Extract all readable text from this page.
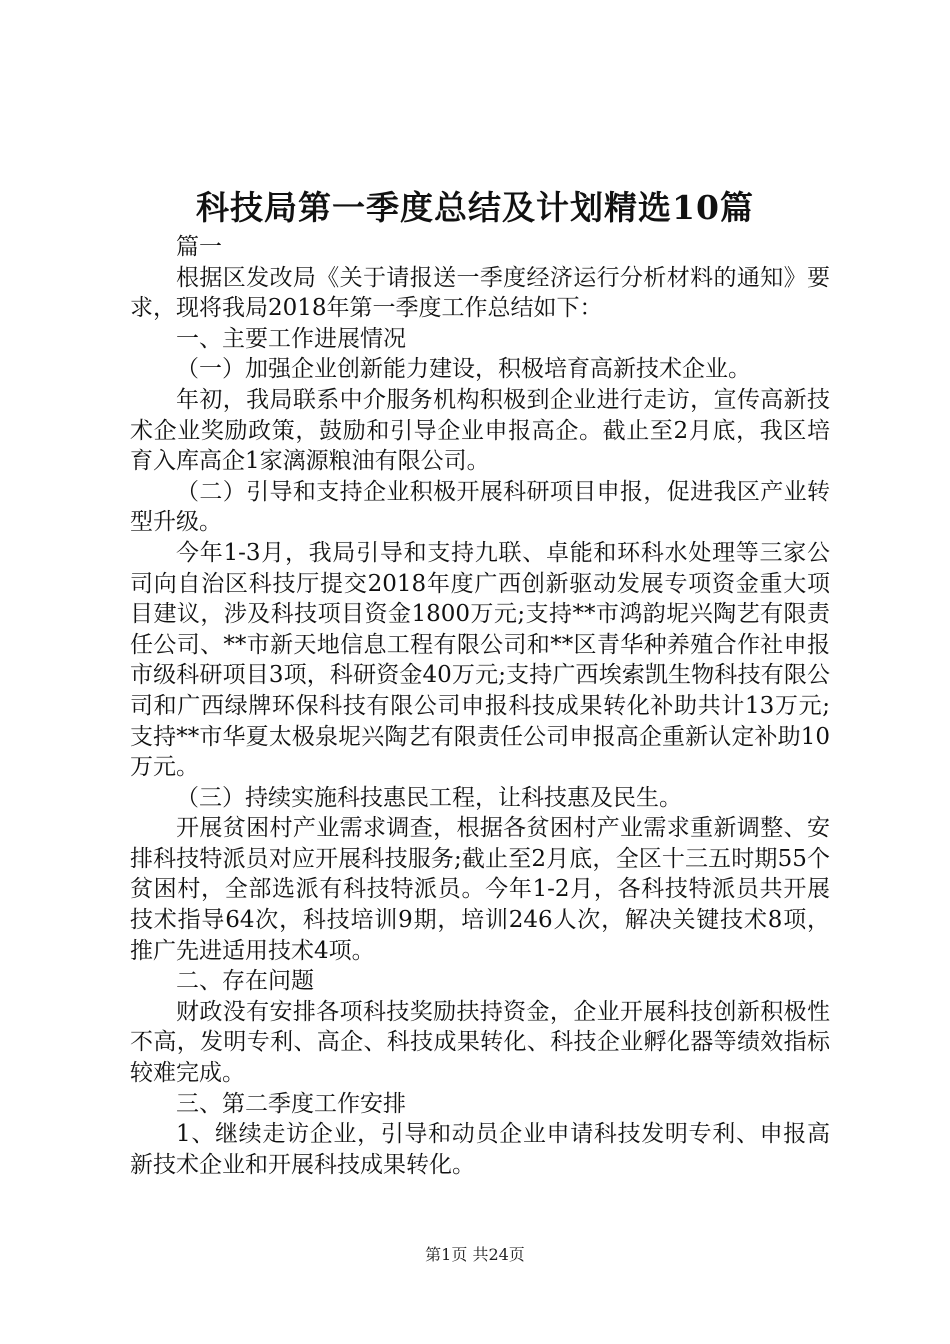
科技局第一季度总结及计划精选10篇

篇一

根据区发改局《关于请报送一季度经济运行分析材料的通知》要求，现将我局2018年第一季度工作总结如下：

一、主要工作进展情况

（一）加强企业创新能力建设，积极培育高新技术企业。

年初，我局联系中介服务机构积极到企业进行走访，宣传高新技术企业奖励政策，鼓励和引导企业申报高企。截止至2月底，我区培育入库高企1家漓源粮油有限公司。

（二）引导和支持企业积极开展科研项目申报，促进我区产业转型升级。

今年1-3月，我局引导和支持九联、卓能和环科水处理等三家公司向自治区科技厅提交2018年度广西创新驱动发展专项资金重大项目建议，涉及科技项目资金1800万元;支持**市鸿韵坭兴陶艺有限责任公司、**市新天地信息工程有限公司和**区青华种养殖合作社申报市级科研项目3项，科研资金40万元;支持广西埃索凯生物科技有限公司和广西绿牌环保科技有限公司申报科技成果转化补助共计13万元;支持**市华夏太极泉坭兴陶艺有限责任公司申报高企重新认定补助10万元。

（三）持续实施科技惠民工程，让科技惠及民生。

开展贫困村产业需求调查，根据各贫困村产业需求重新调整、安排科技特派员对应开展科技服务;截止至2月底，全区十三五时期55个贫困村，全部选派有科技特派员。今年1-2月，各科技特派员共开展技术指导64次，科技培训9期，培训246人次，解决关键技术8项，推广先进适用技术4项。

二、存在问题

财政没有安排各项科技奖励扶持资金，企业开展科技创新积极性不高，发明专利、高企、科技成果转化、科技企业孵化器等绩效指标较难完成。

三、第二季度工作安排

1、继续走访企业，引导和动员企业申请科技发明专利、申报高新技术企业和开展科技成果转化。

第1页 共24页
